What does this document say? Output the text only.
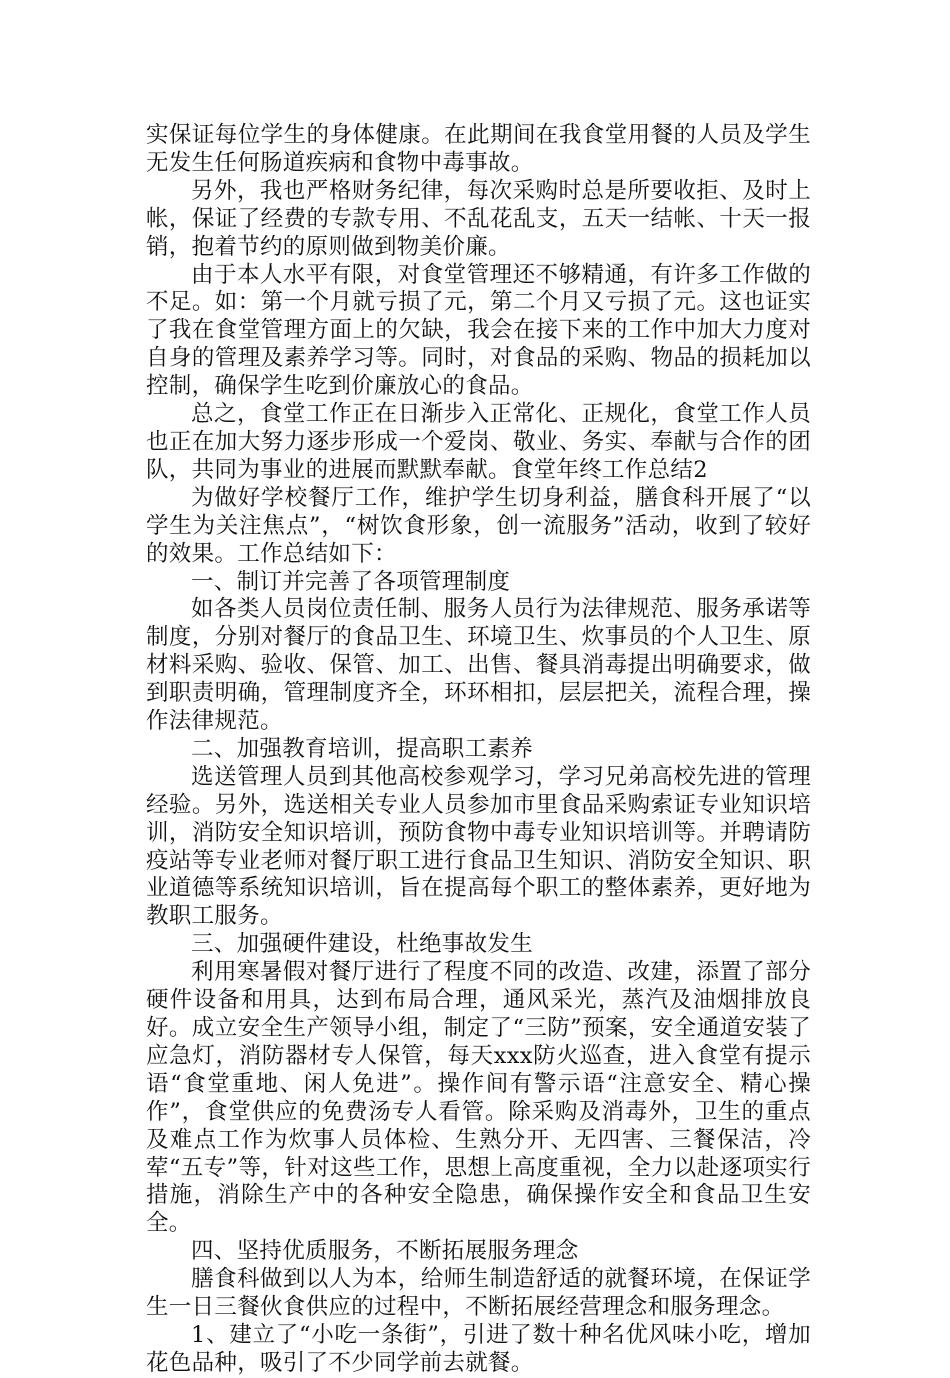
实保证每位学生的身体健康。在此期间在我食堂用餐的人员及学生无发生任何肠道疾病和食物中毒事故。

另外，我也严格财务纪律，每次采购时总是所要收拒、及时上帐，保证了经费的专款专用、不乱花乱支，五天一结帐、十天一报销，抱着节约的原则做到物美价廉。

由于本人水平有限，对食堂管理还不够精通，有许多工作做的不足。如：第一个月就亏损了元，第二个月又亏损了元。这也证实了我在食堂管理方面上的欠缺，我会在接下来的工作中加大力度对自身的管理及素养学习等。同时，对食品的采购、物品的损耗加以控制，确保学生吃到价廉放心的食品。

总之，食堂工作正在日渐步入正常化、正规化，食堂工作人员也正在加大努力逐步形成一个爱岗、敬业、务实、奉献与合作的团队，共同为事业的进展而默默奉献。食堂年终工作总结2

为做好学校餐厅工作，维护学生切身利益，膳食科开展了“以学生为关注焦点”，“树饮食形象，创一流服务”活动，收到了较好的效果。工作总结如下：

一、制订并完善了各项管理制度

如各类人员岗位责任制、服务人员行为法律规范、服务承诺等制度，分别对餐厅的食品卫生、环境卫生、炊事员的个人卫生、原材料采购、验收、保管、加工、出售、餐具消毒提出明确要求，做到职责明确，管理制度齐全，环环相扣，层层把关，流程合理，操作法律规范。

二、加强教育培训，提高职工素养

选送管理人员到其他高校参观学习，学习兄弟高校先进的管理经验。另外，选送相关专业人员参加市里食品采购索证专业知识培训，消防安全知识培训，预防食物中毒专业知识培训等。并聘请防疫站等专业老师对餐厅职工进行食品卫生知识、消防安全知识、职业道德等系统知识培训，旨在提高每个职工的整体素养，更好地为教职工服务。

三、加强硬件建设，杜绝事故发生

利用寒暑假对餐厅进行了程度不同的改造、改建，添置了部分硬件设备和用具，达到布局合理，通风采光，蒸汽及油烟排放良好。成立安全生产领导小组，制定了“三防”预案，安全通道安装了应急灯，消防器材专人保管，每天xxx防火巡查，进入食堂有提示语“食堂重地、闲人免进”。操作间有警示语“注意安全、精心操作”，食堂供应的免费汤专人看管。除采购及消毒外，卫生的重点及难点工作为炊事人员体检、生熟分开、无四害、三餐保洁，冷荤“五专”等，针对这些工作，思想上高度重视，全力以赴逐项实行措施，消除生产中的各种安全隐患，确保操作安全和食品卫生安全。

四、坚持优质服务，不断拓展服务理念

膳食科做到以人为本，给师生制造舒适的就餐环境，在保证学生一日三餐伙食供应的过程中，不断拓展经营理念和服务理念。

1、建立了“小吃一条街”，引进了数十种名优风味小吃，增加花色品种，吸引了不少同学前去就餐。
